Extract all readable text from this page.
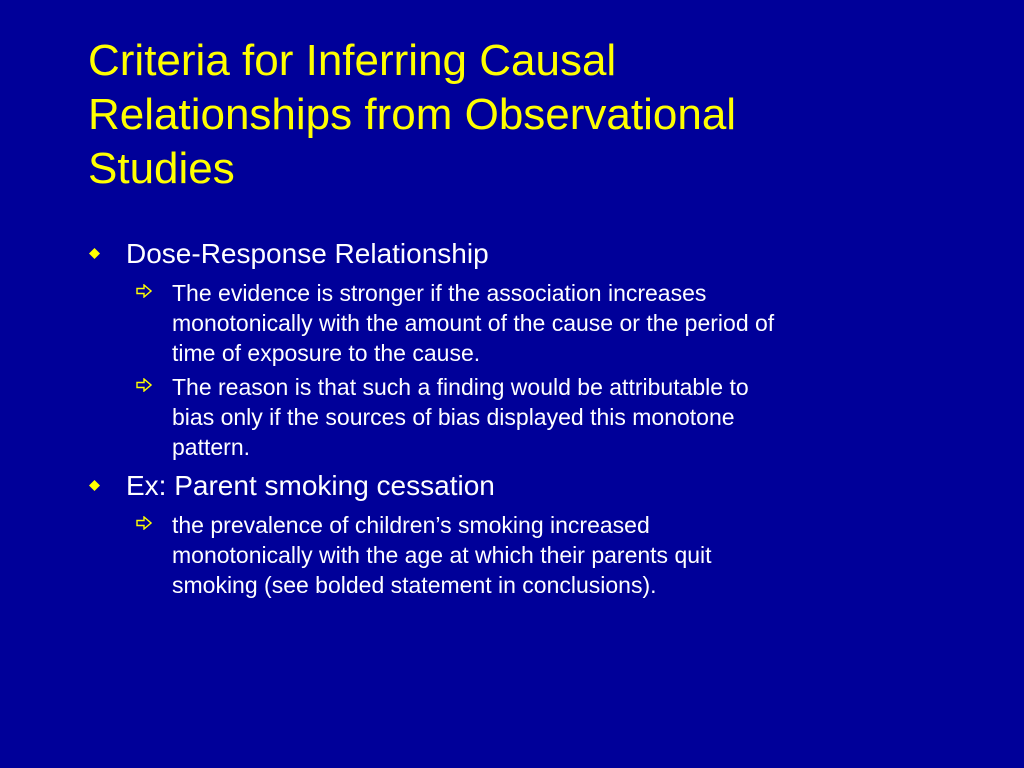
Criteria for Inferring Causal
Relationships from Observational
Studies
Dose-Response Relationship
The evidence is stronger if the association increases
monotonically with the amount of the cause or the period of
time of exposure to the cause.
The reason is that such a finding would be attributable to
bias only if the sources of bias displayed this monotone
pattern.
Ex: Parent smoking cessation
the prevalence of children’s smoking increased
monotonically with the age at which their parents quit
smoking (see bolded statement in conclusions).
